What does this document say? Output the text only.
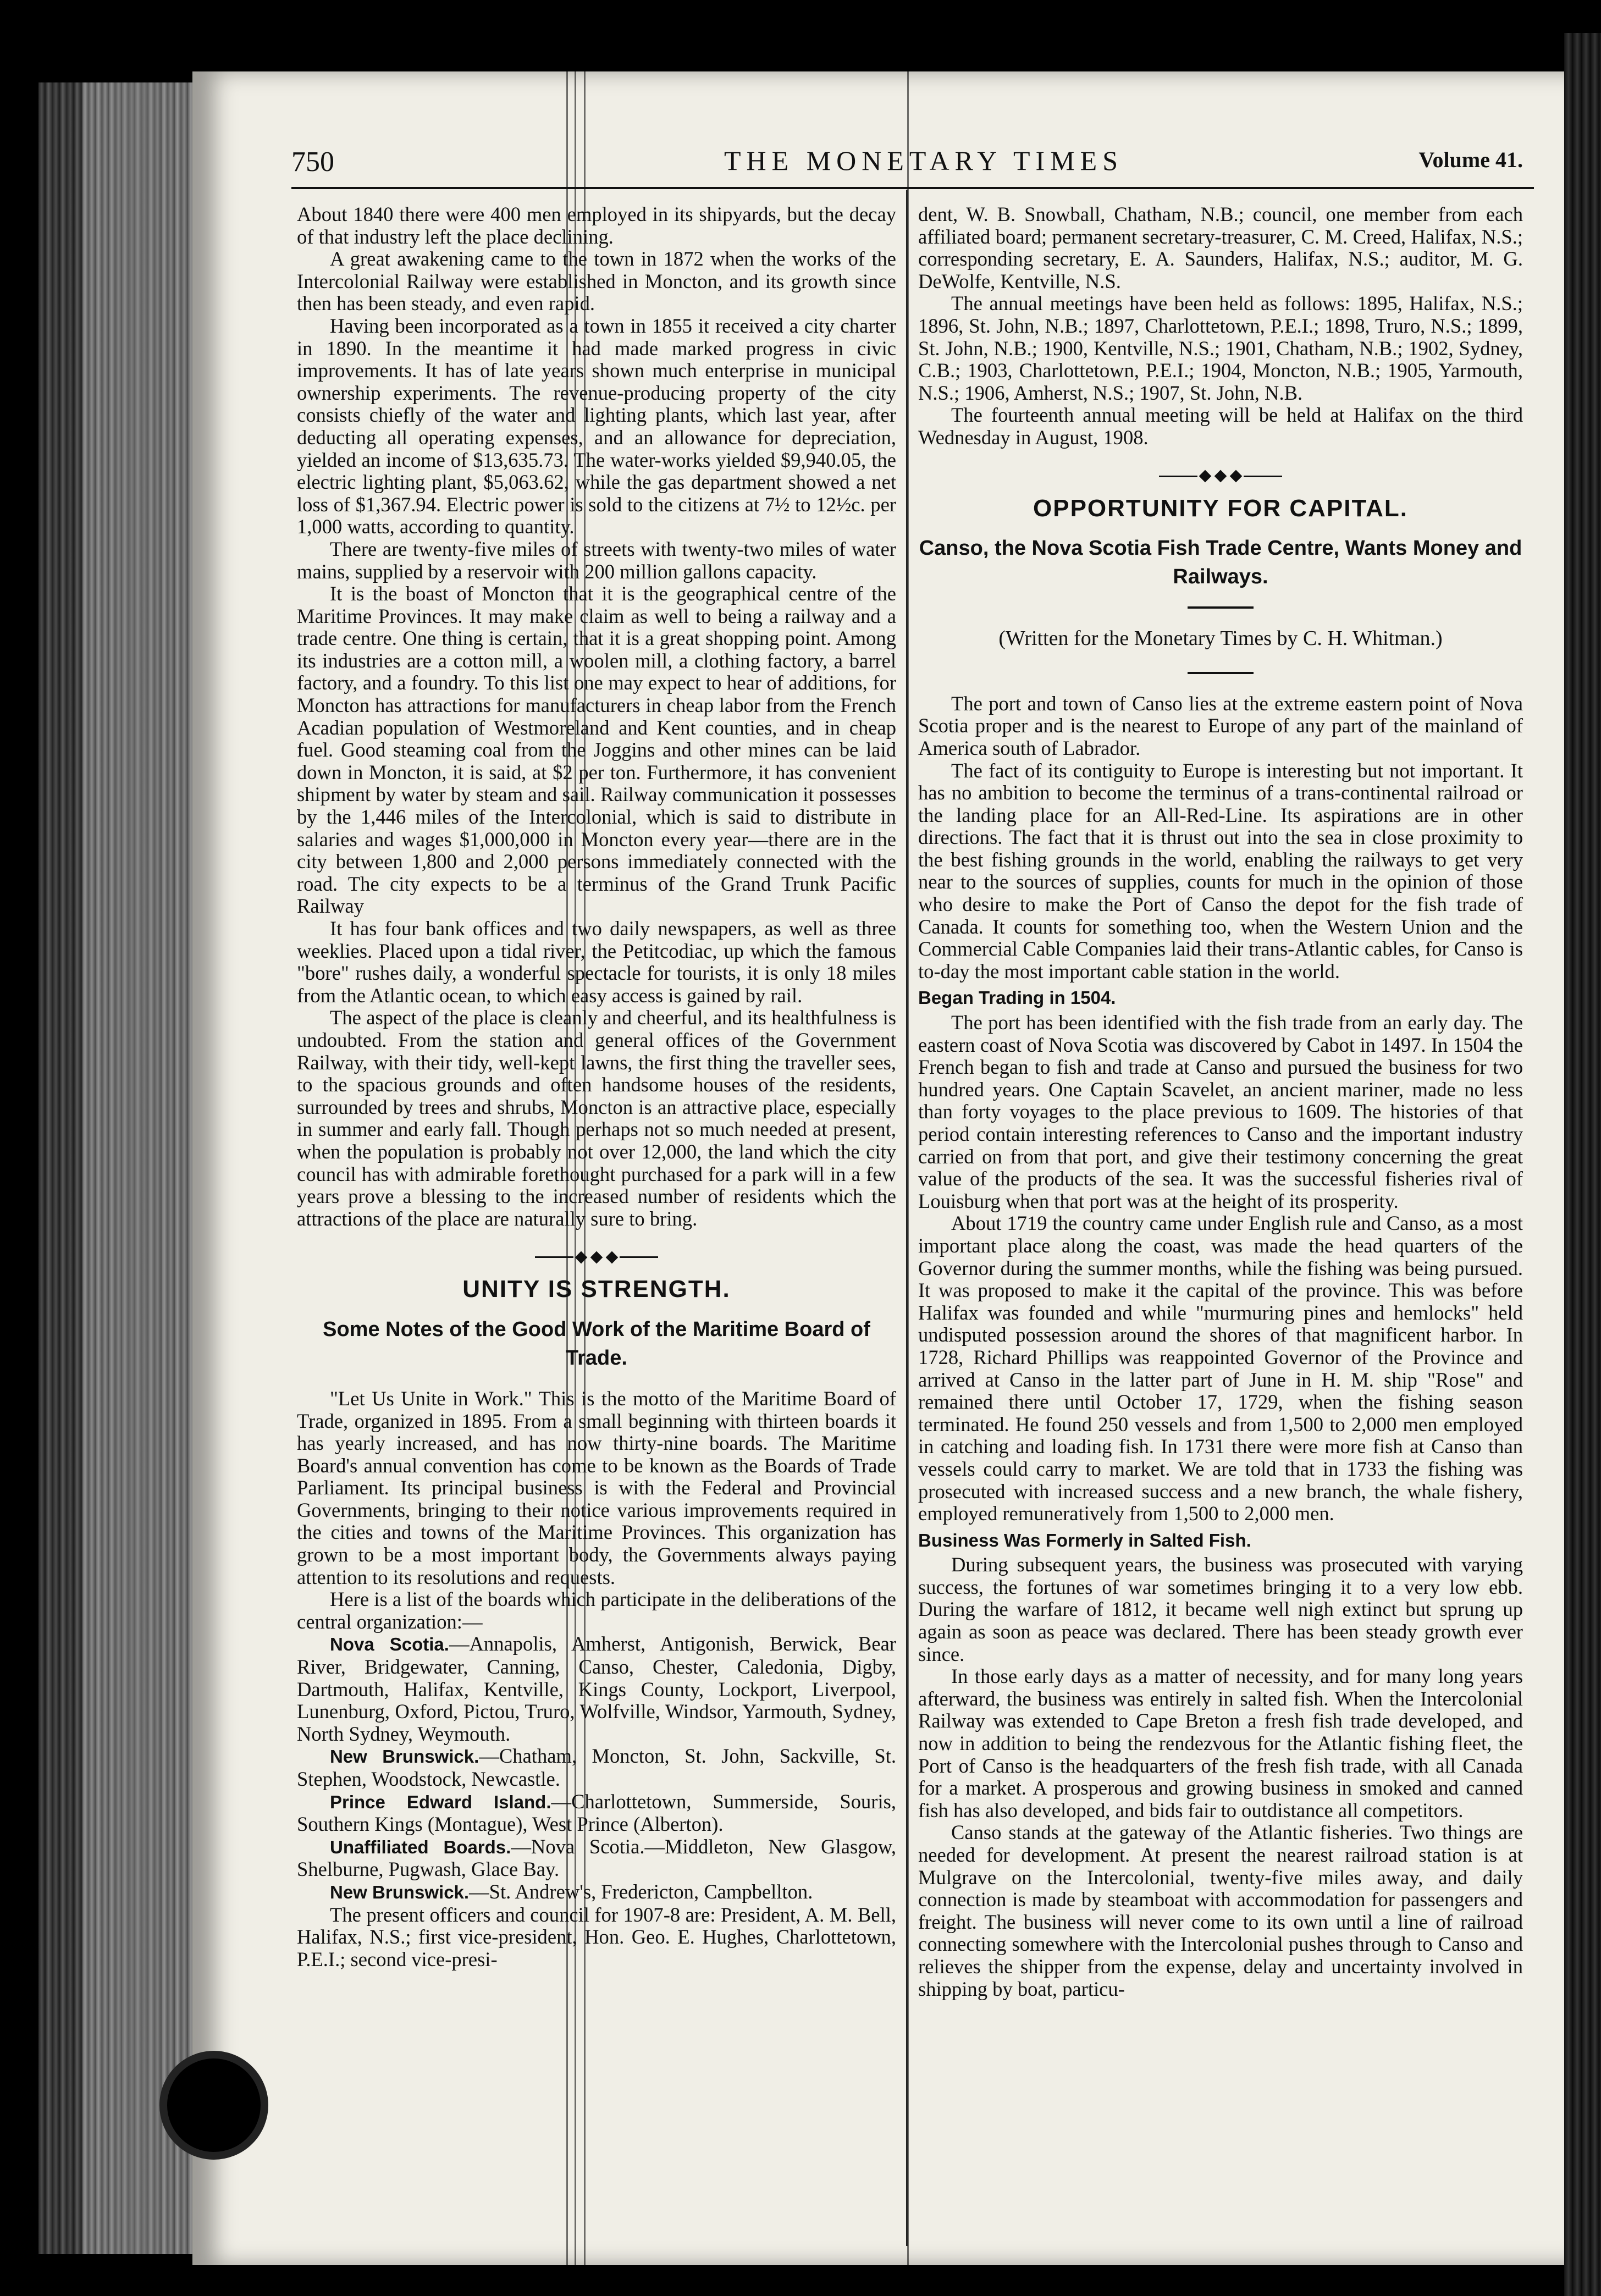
750	THE MONETARY TIMES	Volume 41.

About 1840 there were 400 men employed in its shipyards, but the decay of that industry left the place declining.

A great awakening came to the town in 1872 when the works of the Intercolonial Railway were established in Moncton, and its growth since then has been steady, and even rapid.

Having been incorporated as a town in 1855 it received a city charter in 1890. In the meantime it had made marked progress in civic improvements. It has of late years shown much enterprise in municipal ownership experiments. The revenue-producing property of the city consists chiefly of the water and lighting plants, which last year, after deducting all operating expenses, and an allowance for depreciation, yielded an income of $13,635.73. The water-works yielded $9,940.05, the electric lighting plant, $5,063.62, while the gas department showed a net loss of $1,367.94. Electric power is sold to the citizens at 7½ to 12½c. per 1,000 watts, according to quantity.

There are twenty-five miles of streets with twenty-two miles of water mains, supplied by a reservoir with 200 million gallons capacity.

It is the boast of Moncton that it is the geographical centre of the Maritime Provinces. It may make claim as well to being a railway and a trade centre. One thing is certain, that it is a great shopping point. Among its industries are a cotton mill, a woolen mill, a clothing factory, a barrel factory, and a foundry. To this list one may expect to hear of additions, for Moncton has attractions for manufacturers in cheap labor from the French Acadian population of Westmoreland and Kent counties, and in cheap fuel. Good steaming coal from the Joggins and other mines can be laid down in Moncton, it is said, at $2 per ton. Furthermore, it has convenient shipment by water by steam and sail. Railway communication it possesses by the 1,446 miles of the Intercolonial, which is said to distribute in salaries and wages $1,000,000 in Moncton every year—there are in the city between 1,800 and 2,000 persons immediately connected with the road. The city expects to be a terminus of the Grand Trunk Pacific Railway

It has four bank offices and two daily newspapers, as well as three weeklies. Placed upon a tidal river, the Petitcodiac, up which the famous "bore" rushes daily, a wonderful spectacle for tourists, it is only 18 miles from the Atlantic ocean, to which easy access is gained by rail.

The aspect of the place is cleanly and cheerful, and its healthfulness is undoubted. From the station and general offices of the Government Railway, with their tidy, well-kept lawns, the first thing the traveller sees, to the spacious grounds and often handsome houses of the residents, surrounded by trees and shrubs, Moncton is an attractive place, especially in summer and early fall. Though perhaps not so much needed at present, when the population is probably not over 12,000, the land which the city council has with admirable forethought purchased for a park will in a few years prove a blessing to the increased number of residents which the attractions of the place are naturally sure to bring.

UNITY IS STRENGTH.
Some Notes of the Good Work of the Maritime Board of Trade.

"Let Us Unite in Work." This is the motto of the Maritime Board of Trade, organized in 1895. From a small beginning with thirteen boards it has yearly increased, and has now thirty-nine boards. The Maritime Board's annual convention has come to be known as the Boards of Trade Parliament. Its principal business is with the Federal and Provincial Governments, bringing to their notice various improvements required in the cities and towns of the Maritime Provinces. This organization has grown to be a most important body, the Governments always paying attention to its resolutions and requests.

Here is a list of the boards which participate in the deliberations of the central organization:—

Nova Scotia.—Annapolis, Amherst, Antigonish, Berwick, Bear River, Bridgewater, Canning, Canso, Chester, Caledonia, Digby, Dartmouth, Halifax, Kentville, Kings County, Lockport, Liverpool, Lunenburg, Oxford, Pictou, Truro, Wolfville, Windsor, Yarmouth, Sydney, North Sydney, Weymouth.

New Brunswick.—Chatham, Moncton, St. John, Sackville, St. Stephen, Woodstock, Newcastle.

Prince Edward Island.—Charlottetown, Summerside, Souris, Southern Kings (Montague), West Prince (Alberton).

Unaffiliated Boards.—Nova Scotia.—Middleton, New Glasgow, Shelburne, Pugwash, Glace Bay.

New Brunswick.—St. Andrew's, Fredericton, Campbellton.

The present officers and council for 1907-8 are: President, A. M. Bell, Halifax, N.S.; first vice-president, Hon. Geo. E. Hughes, Charlottetown, P.E.I.; second vice-presi-

dent, W. B. Snowball, Chatham, N.B.; council, one member from each affiliated board; permanent secretary-treasurer, C. M. Creed, Halifax, N.S.; corresponding secretary, E. A. Saunders, Halifax, N.S.; auditor, M. G. DeWolfe, Kentville, N.S.

The annual meetings have been held as follows: 1895, Halifax, N.S.; 1896, St. John, N.B.; 1897, Charlottetown, P.E.I.; 1898, Truro, N.S.; 1899, St. John, N.B.; 1900, Kentville, N.S.; 1901, Chatham, N.B.; 1902, Sydney, C.B.; 1903, Charlottetown, P.E.I.; 1904, Moncton, N.B.; 1905, Yarmouth, N.S.; 1906, Amherst, N.S.; 1907, St. John, N.B.

The fourteenth annual meeting will be held at Halifax on the third Wednesday in August, 1908.

OPPORTUNITY FOR CAPITAL.
Canso, the Nova Scotia Fish Trade Centre, Wants Money and Railways.
(Written for the Monetary Times by C. H. Whitman.)

The port and town of Canso lies at the extreme eastern point of Nova Scotia proper and is the nearest to Europe of any part of the mainland of America south of Labrador.

The fact of its contiguity to Europe is interesting but not important. It has no ambition to become the terminus of a trans-continental railroad or the landing place for an All-Red-Line. Its aspirations are in other directions. The fact that it is thrust out into the sea in close proximity to the best fishing grounds in the world, enabling the railways to get very near to the sources of supplies, counts for much in the opinion of those who desire to make the Port of Canso the depot for the fish trade of Canada. It counts for something too, when the Western Union and the Commercial Cable Companies laid their trans-Atlantic cables, for Canso is to-day the most important cable station in the world.

Began Trading in 1504.

The port has been identified with the fish trade from an early day. The eastern coast of Nova Scotia was discovered by Cabot in 1497. In 1504 the French began to fish and trade at Canso and pursued the business for two hundred years. One Captain Scavelet, an ancient mariner, made no less than forty voyages to the place previous to 1609. The histories of that period contain interesting references to Canso and the important industry carried on from that port, and give their testimony concerning the great value of the products of the sea. It was the successful fisheries rival of Louisburg when that port was at the height of its prosperity.

About 1719 the country came under English rule and Canso, as a most important place along the coast, was made the head quarters of the Governor during the summer months, while the fishing was being pursued. It was proposed to make it the capital of the province. This was before Halifax was founded and while "murmuring pines and hemlocks" held undisputed possession around the shores of that magnificent harbor. In 1728, Richard Phillips was reappointed Governor of the Province and arrived at Canso in the latter part of June in H. M. ship "Rose" and remained there until October 17, 1729, when the fishing season terminated. He found 250 vessels and from 1,500 to 2,000 men employed in catching and loading fish. In 1731 there were more fish at Canso than vessels could carry to market. We are told that in 1733 the fishing was prosecuted with increased success and a new branch, the whale fishery, employed remuneratively from 1,500 to 2,000 men.

Business Was Formerly in Salted Fish.

During subsequent years, the business was prosecuted with varying success, the fortunes of war sometimes bringing it to a very low ebb. During the warfare of 1812, it became well nigh extinct but sprung up again as soon as peace was declared. There has been steady growth ever since.

In those early days as a matter of necessity, and for many long years afterward, the business was entirely in salted fish. When the Intercolonial Railway was extended to Cape Breton a fresh fish trade developed, and now in addition to being the rendezvous for the Atlantic fishing fleet, the Port of Canso is the headquarters of the fresh fish trade, with all Canada for a market. A prosperous and growing business in smoked and canned fish has also developed, and bids fair to outdistance all competitors.

Canso stands at the gateway of the Atlantic fisheries. Two things are needed for development. At present the nearest railroad station is at Mulgrave on the Intercolonial, twenty-five miles away, and daily connection is made by steamboat with accommodation for passengers and freight. The business will never come to its own until a line of railroad connecting somewhere with the Intercolonial pushes through to Canso and relieves the shipper from the expense, delay and uncertainty involved in shipping by boat, particu-
